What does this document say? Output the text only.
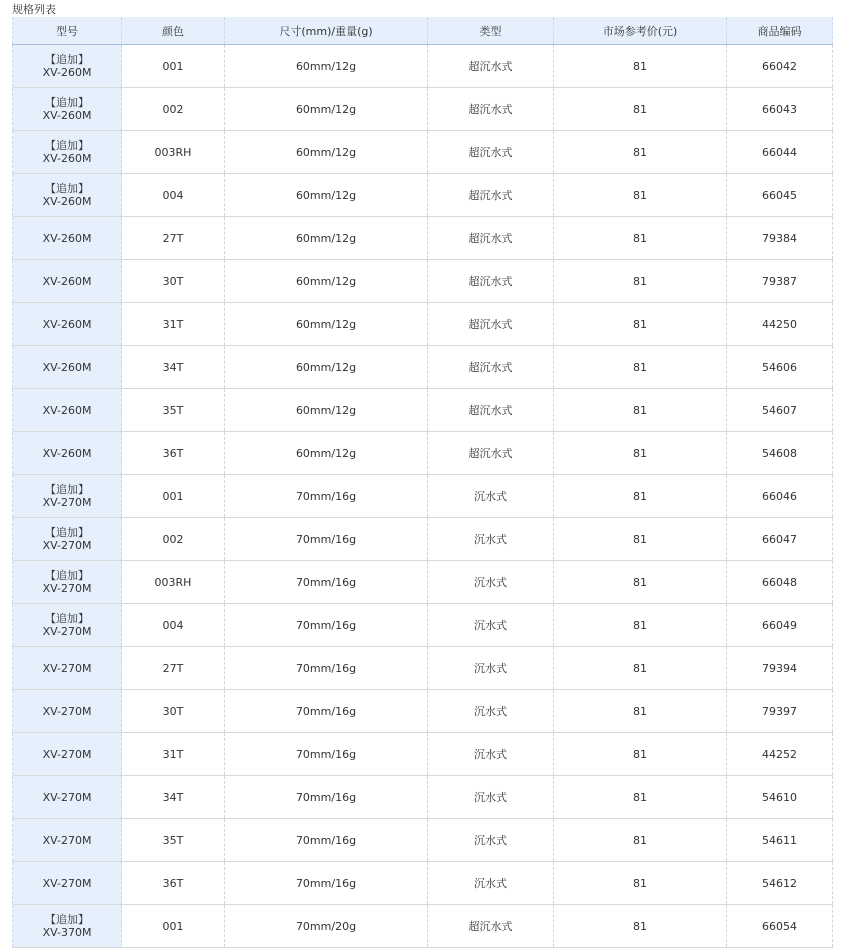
规格列表
型号	颜色	尺寸(mm)/重量(g)	类型	市场参考价(元)	商品编码

【追加】
XV-260M	001	60mm/12g	超沉水式	81	66042

【追加】
XV-260M	002	60mm/12g	超沉水式	81	66043

【追加】
XV-260M	003RH	60mm/12g	超沉水式	81	66044

【追加】
XV-260M	004	60mm/12g	超沉水式	81	66045

XV-260M	27T	60mm/12g	超沉水式	81	79384

XV-260M	30T	60mm/12g	超沉水式	81	79387

XV-260M	31T	60mm/12g	超沉水式	81	44250

XV-260M	34T	60mm/12g	超沉水式	81	54606

XV-260M	35T	60mm/12g	超沉水式	81	54607

XV-260M	36T	60mm/12g	超沉水式	81	54608

【追加】
XV-270M	001	70mm/16g	沉水式	81	66046

【追加】
XV-270M	002	70mm/16g	沉水式	81	66047

【追加】
XV-270M	003RH	70mm/16g	沉水式	81	66048

【追加】
XV-270M	004	70mm/16g	沉水式	81	66049

XV-270M	27T	70mm/16g	沉水式	81	79394

XV-270M	30T	70mm/16g	沉水式	81	79397

XV-270M	31T	70mm/16g	沉水式	81	44252

XV-270M	34T	70mm/16g	沉水式	81	54610

XV-270M	35T	70mm/16g	沉水式	81	54611

XV-270M	36T	70mm/16g	沉水式	81	54612

【追加】
XV-370M	001	70mm/20g	超沉水式	81	66054
